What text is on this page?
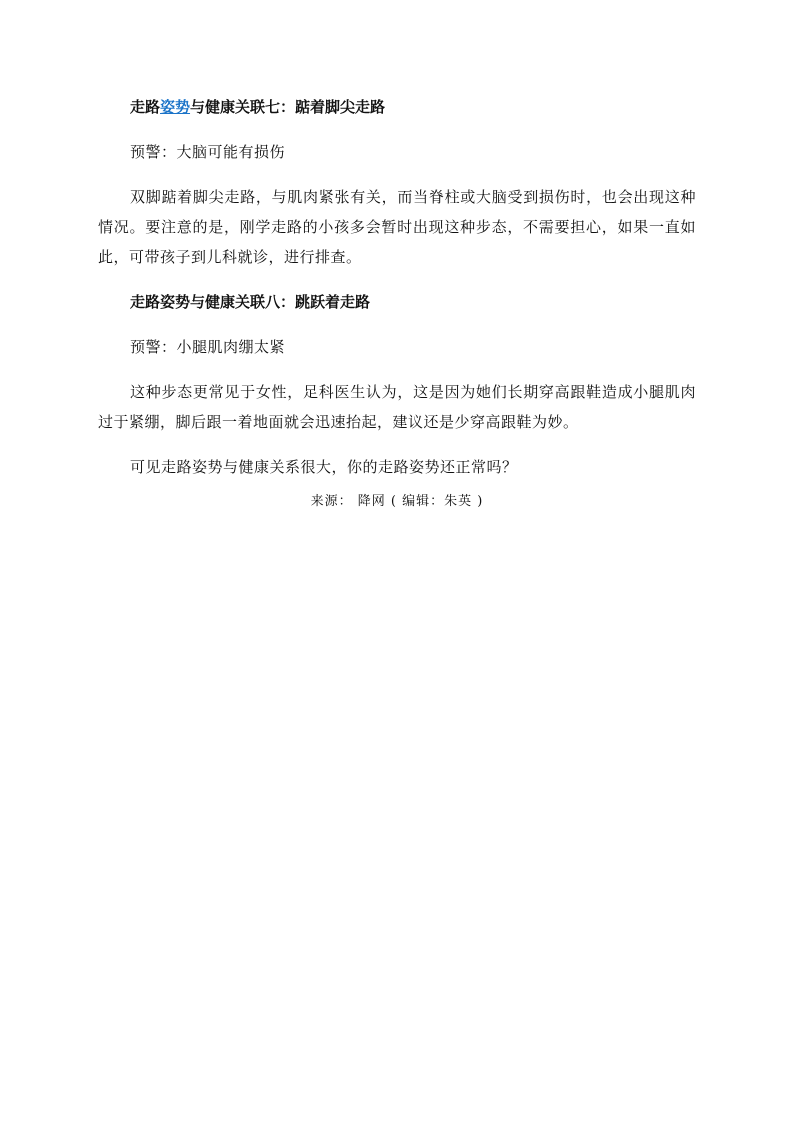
走路姿势与健康关联七：踮着脚尖走路

预警：大脑可能有损伤

双脚踮着脚尖走路，与肌肉紧张有关，而当脊柱或大脑受到损伤时，也会出现这种情况。要注意的是，刚学走路的小孩多会暂时出现这种步态，不需要担心，如果一直如此，可带孩子到儿科就诊，进行排查。

走路姿势与健康关联八：跳跃着走路

预警：小腿肌肉绷太紧

这种步态更常见于女性，足科医生认为，这是因为她们长期穿高跟鞋造成小腿肌肉过于紧绷，脚后跟一着地面就会迅速抬起，建议还是少穿高跟鞋为妙。

可见走路姿势与健康关系很大，你的走路姿势还正常吗？

来源： 降网 ( 编辑：朱英 )
